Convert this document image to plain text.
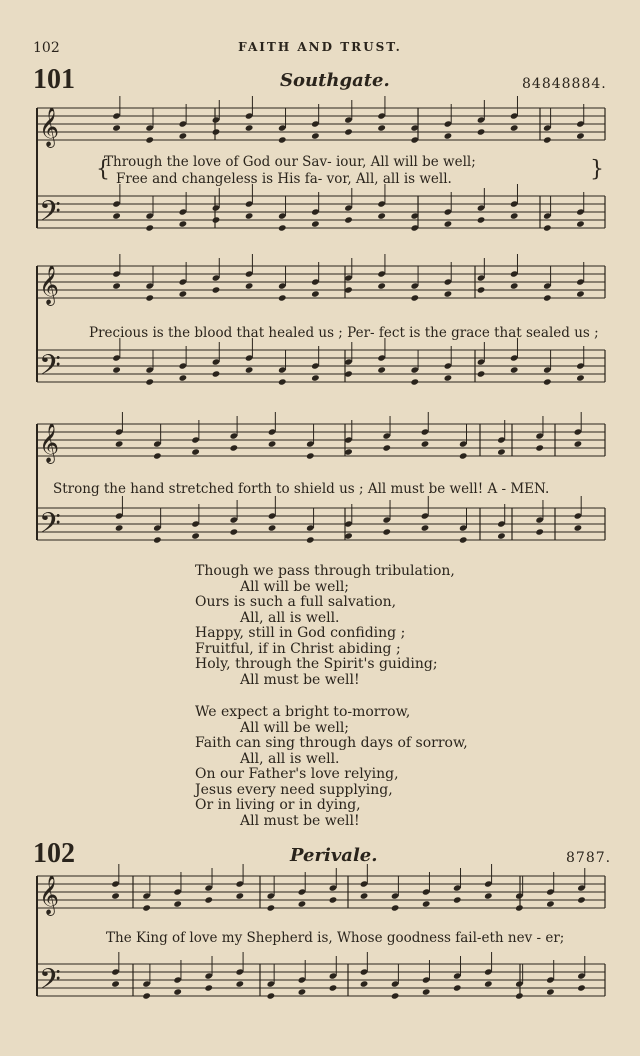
102	FAITH AND TRUST.
101	Southgate.	84848884.
𝄞
𝄢
𝄞
𝄢
𝄞
𝄢
𝄞
𝄢
{	}
Through the love of God our Sav- iour, All will be well;
Free and changeless is His fa- vor, All, all is well.
Precious is the blood that healed us ; Per- fect is the grace that sealed us ;
Strong the hand stretched forth to shield us ; All must be well! A - MEN.
Though we pass through tribulation,
All will be well;
Ours is such a full salvation,
All, all is well.
Happy, still in God confiding ;
Fruitful, if in Christ abiding ;
Holy, through the Spirit's guiding;
All must be well!
We expect a bright to-morrow,
All will be well;
Faith can sing through days of sorrow,
All, all is well.
On our Father's love relying,
Jesus every need supplying,
Or in living or in dying,
All must be well!
102	Perivale.	8787.
The King of love my Shepherd is, Whose goodness fail-eth nev - er;
